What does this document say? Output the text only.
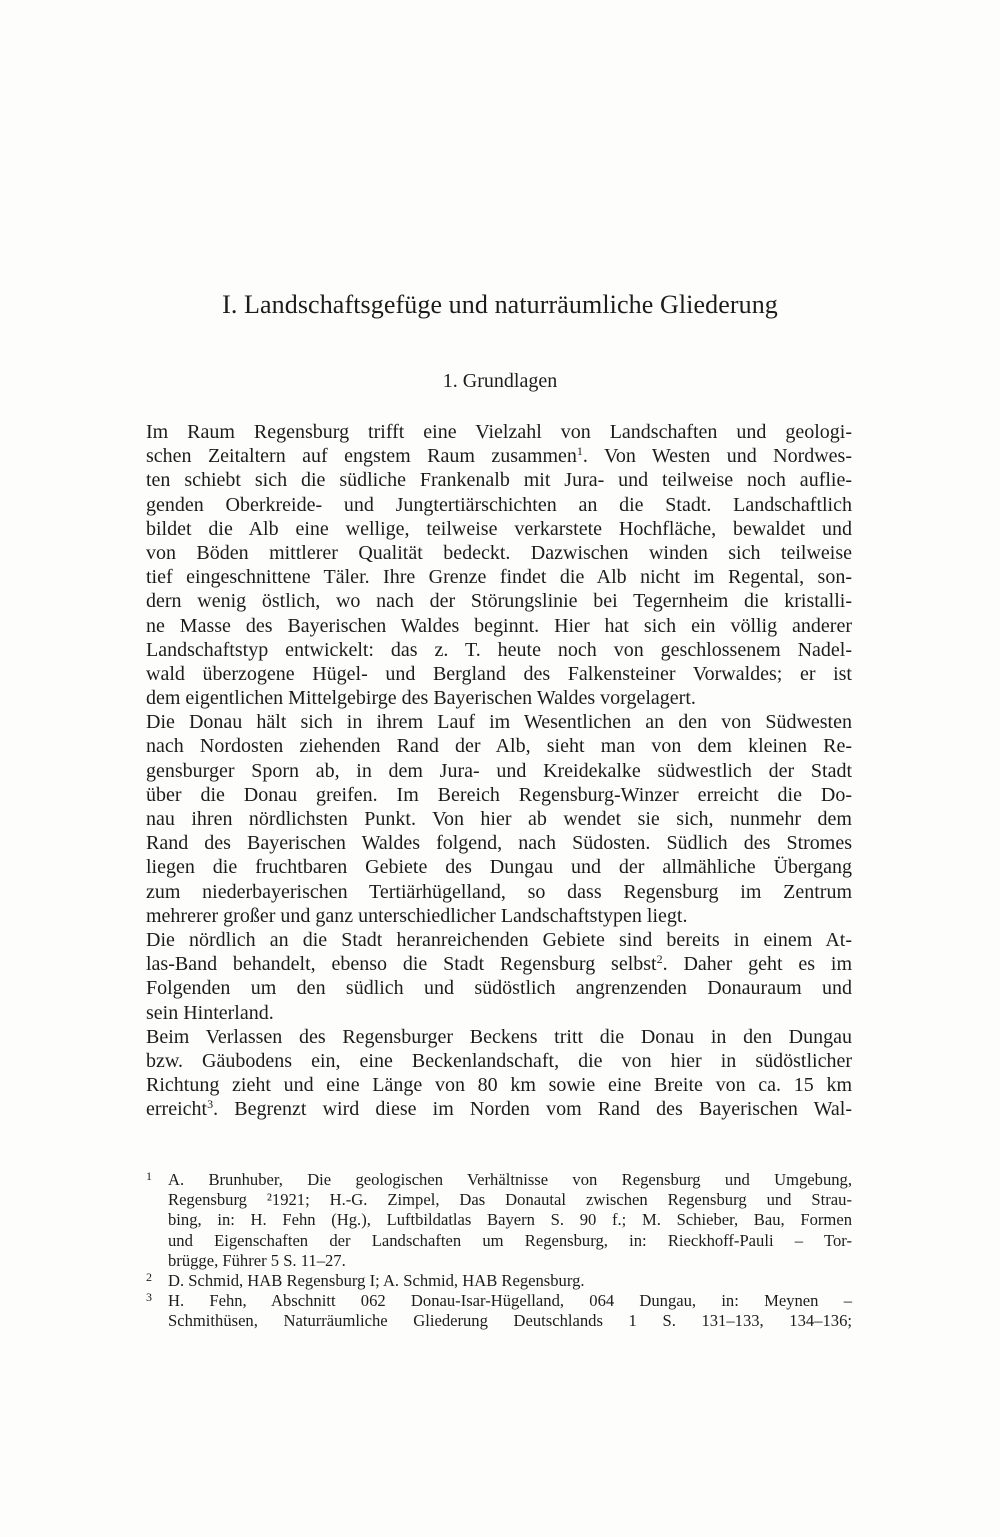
I. Landschaftsgefüge und naturräumliche Gliederung
1. Grundlagen
Im Raum Regensburg trifft eine Vielzahl von Landschaften und geologi-
schen Zeitaltern auf engstem Raum zusammen$^1$. Von Westen und Nordwes-
ten schiebt sich die südliche Frankenalb mit Jura- und teilweise noch auflie-
genden Oberkreide- und Jungtertiärschichten an die Stadt. Landschaftlich
bildet die Alb eine wellige, teilweise verkarstete Hochfläche, bewaldet und
von Böden mittlerer Qualität bedeckt. Dazwischen winden sich teilweise
tief eingeschnittene Täler. Ihre Grenze findet die Alb nicht im Regental, son-
dern wenig östlich, wo nach der Störungslinie bei Tegernheim die kristalli-
ne Masse des Bayerischen Waldes beginnt. Hier hat sich ein völlig anderer
Landschaftstyp entwickelt: das z. T. heute noch von geschlossenem Nadel-
wald überzogene Hügel- und Bergland des Falkensteiner Vorwaldes; er ist
dem eigentlichen Mittelgebirge des Bayerischen Waldes vorgelagert.
Die Donau hält sich in ihrem Lauf im Wesentlichen an den von Südwesten
nach Nordosten ziehenden Rand der Alb, sieht man von dem kleinen Re-
gensburger Sporn ab, in dem Jura- und Kreidekalke südwestlich der Stadt
über die Donau greifen. Im Bereich Regensburg-Winzer erreicht die Do-
nau ihren nördlichsten Punkt. Von hier ab wendet sie sich, nunmehr dem
Rand des Bayerischen Waldes folgend, nach Südosten. Südlich des Stromes
liegen die fruchtbaren Gebiete des Dungau und der allmähliche Übergang
zum niederbayerischen Tertiärhügelland, so dass Regensburg im Zentrum
mehrerer großer und ganz unterschiedlicher Landschaftstypen liegt.
Die nördlich an die Stadt heranreichenden Gebiete sind bereits in einem At-
las-Band behandelt, ebenso die Stadt Regensburg selbst$^2$. Daher geht es im
Folgenden um den südlich und südöstlich angrenzenden Donauraum und
sein Hinterland.
Beim Verlassen des Regensburger Beckens tritt die Donau in den Dungau
bzw. Gäubodens ein, eine Beckenlandschaft, die von hier in südöstlicher
Richtung zieht und eine Länge von 80 km sowie eine Breite von ca. 15 km
erreicht$^3$. Begrenzt wird diese im Norden vom Rand des Bayerischen Wal-
1 A. Brunhuber, Die geologischen Verhältnisse von Regensburg und Umgebung,
Regensburg ²1921; H.-G. Zimpel, Das Donautal zwischen Regensburg und Strau-
bing, in: H. Fehn (Hg.), Luftbildatlas Bayern S. 90 f.; M. Schieber, Bau, Formen
und Eigenschaften der Landschaften um Regensburg, in: Rieckhoff-Pauli – Tor-
brügge, Führer 5 S. 11–27.
2 D. Schmid, HAB Regensburg I; A. Schmid, HAB Regensburg.
3 H. Fehn, Abschnitt 062 Donau-Isar-Hügelland, 064 Dungau, in: Meynen –
Schmithüsen, Naturräumliche Gliederung Deutschlands 1 S. 131–133, 134–136;
